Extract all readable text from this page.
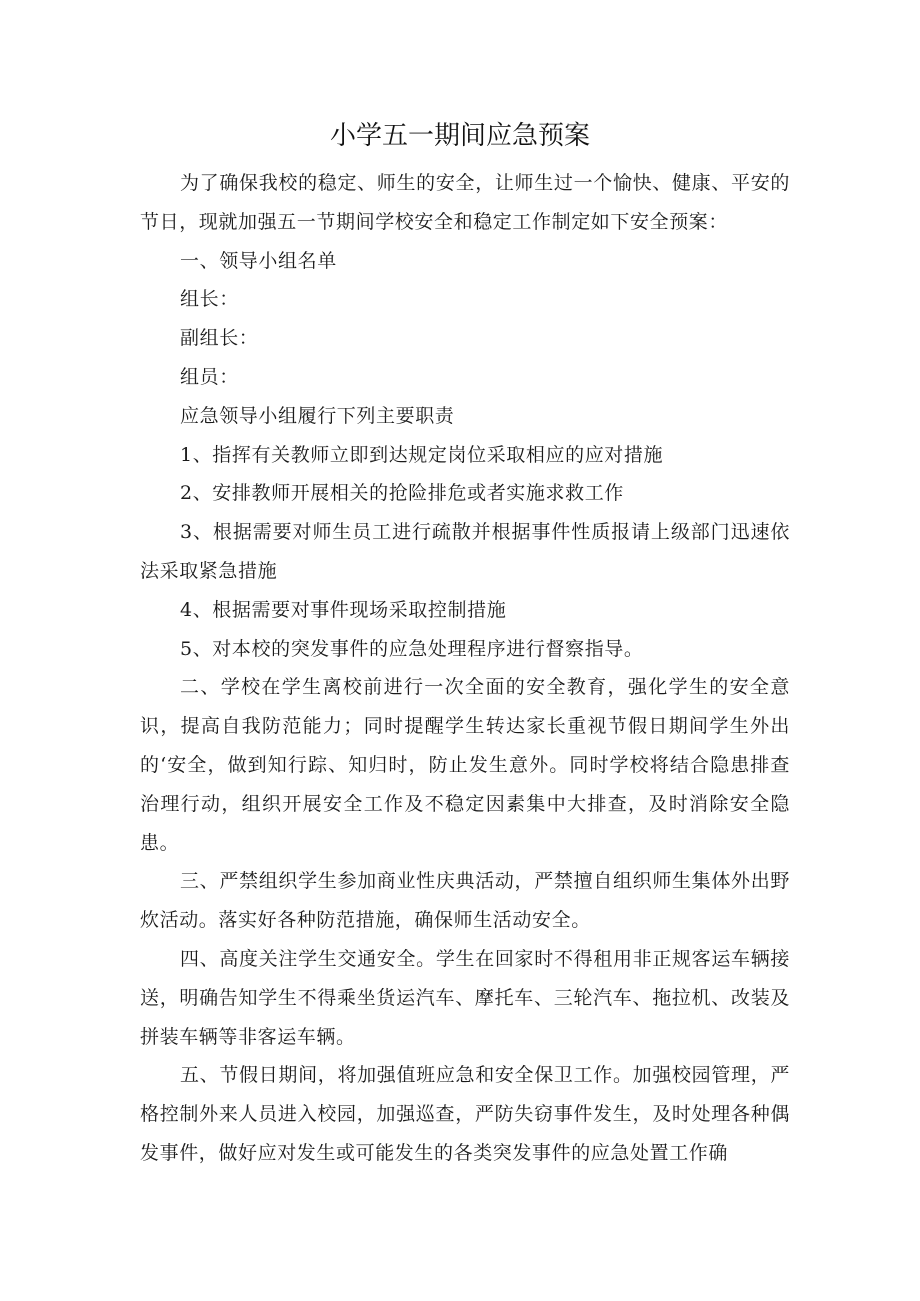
小学五一期间应急预案

为了确保我校的稳定、师生的安全，让师生过一个愉快、健康、平安的节日，现就加强五一节期间学校安全和稳定工作制定如下安全预案：

一、领导小组名单

组长：

副组长：

组员：

应急领导小组履行下列主要职责

1、指挥有关教师立即到达规定岗位采取相应的应对措施

2、安排教师开展相关的抢险排危或者实施求救工作

3、根据需要对师生员工进行疏散并根据事件性质报请上级部门迅速依法采取紧急措施

4、根据需要对事件现场采取控制措施

5、对本校的突发事件的应急处理程序进行督察指导。

二、学校在学生离校前进行一次全面的安全教育，强化学生的安全意识，提高自我防范能力；同时提醒学生转达家长重视节假日期间学生外出的‘安全，做到知行踪、知归时，防止发生意外。同时学校将结合隐患排查治理行动，组织开展安全工作及不稳定因素集中大排查，及时消除安全隐患。

三、严禁组织学生参加商业性庆典活动，严禁擅自组织师生集体外出野炊活动。落实好各种防范措施，确保师生活动安全。

四、高度关注学生交通安全。学生在回家时不得租用非正规客运车辆接送，明确告知学生不得乘坐货运汽车、摩托车、三轮汽车、拖拉机、改装及拼装车辆等非客运车辆。

五、节假日期间，将加强值班应急和安全保卫工作。加强校园管理，严格控制外来人员进入校园，加强巡查，严防失窃事件发生，及时处理各种偶发事件，做好应对发生或可能发生的各类突发事件的应急处置工作确
